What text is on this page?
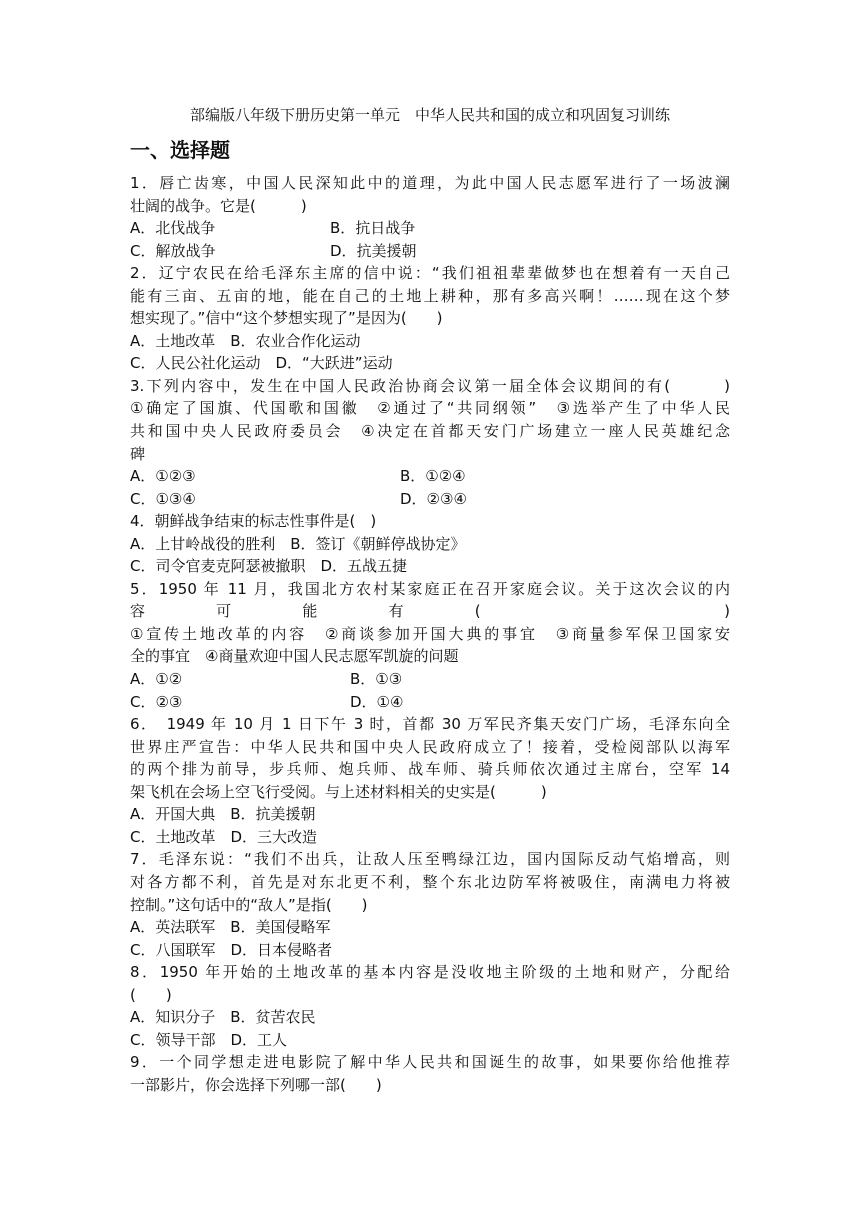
部编版八年级下册历史第一单元　中华人民共和国的成立和巩固复习训练
一、选择题
1．唇亡齿寒，中国人民深知此中的道理，为此中国人民志愿军进行了一场波澜
壮阔的战争。它是(　　　)
A．北伐战争	B．抗日战争
C．解放战争	D．抗美援朝
2．辽宁农民在给毛泽东主席的信中说：“我们祖祖辈辈做梦也在想着有一天自己
能有三亩、五亩的地，能在自己的土地上耕种，那有多高兴啊！……现在这个梦
想实现了。”信中“这个梦想实现了”是因为(　　)
A．土地改革　B．农业合作化运动
C．人民公社化运动　D．“大跃进”运动
3.下列内容中，发生在中国人民政治协商会议第一届全体会议期间的有(　　　)
①确定了国旗、代国歌和国徽　②通过了“共同纲领”　③选举产生了中华人民
共和国中央人民政府委员会　④决定在首都天安门广场建立一座人民英雄纪念
碑
A．①②③	B．①②④
C．①③④	D．②③④
4．朝鲜战争结束的标志性事件是(　)
A．上甘岭战役的胜利　B．签订《朝鲜停战协定》
C．司令官麦克阿瑟被撤职　D．五战五捷
5．1950 年 11 月，我国北方农村某家庭正在召开家庭会议。关于这次会议的内
容可能有(　　)
①宣传土地改革的内容　②商谈参加开国大典的事宜　③商量参军保卫国家安
全的事宜　④商量欢迎中国人民志愿军凯旋的问题
A．①②	B．①③
C．②③	D．①④
6．　1949 年 10 月 1 日下午 3 时，首都 30 万军民齐集天安门广场，毛泽东向全
世界庄严宣告：中华人民共和国中央人民政府成立了！接着，受检阅部队以海军
的两个排为前导，步兵师、炮兵师、战车师、骑兵师依次通过主席台，空军 14
架飞机在会场上空飞行受阅。与上述材料相关的史实是(　　　)
A．开国大典　B．抗美援朝
C．土地改革　D．三大改造
7．毛泽东说：“我们不出兵，让敌人压至鸭绿江边，国内国际反动气焰增高，则
对各方都不利，首先是对东北更不利，整个东北边防军将被吸住，南满电力将被
控制。”这句话中的“敌人”是指(　　)
A．英法联军　B．美国侵略军
C．八国联军　D．日本侵略者
8．1950 年开始的土地改革的基本内容是没收地主阶级的土地和财产，分配给
(　　)
A．知识分子　B．贫苦农民
C．领导干部　D．工人
9．一个同学想走进电影院了解中华人民共和国诞生的故事，如果要你给他推荐
一部影片，你会选择下列哪一部(　　)
